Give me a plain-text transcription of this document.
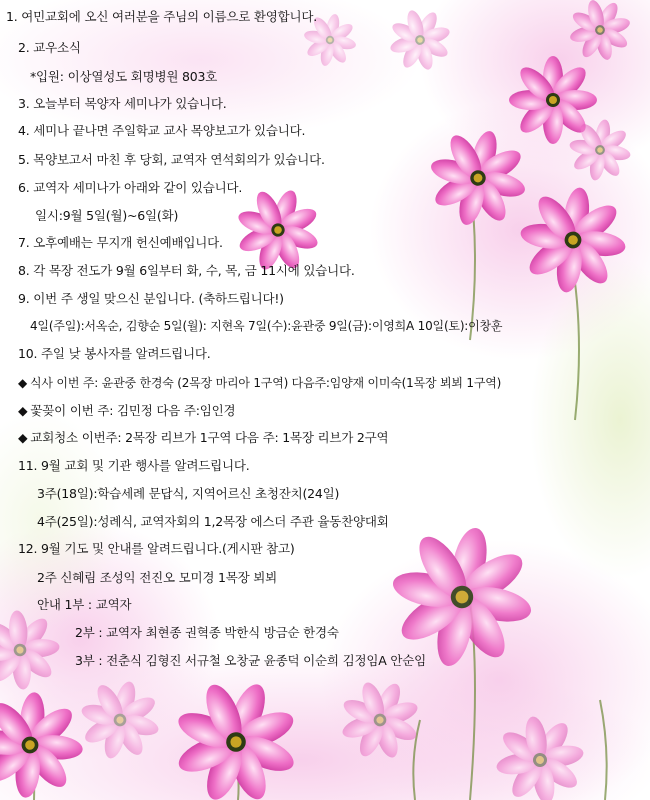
1. 여민교회에 오신 여러분을 주님의 이름으로 환영합니다.
2. 교우소식
*입원: 이상열성도 회명병원 803호
3. 오늘부터 목양자 세미나가 있습니다.
4. 세미나 끝나면 주일학교 교사 목양보고가 있습니다.
5. 목양보고서 마친 후 당회, 교역자 연석회의가 있습니다.
6. 교역자 세미나가 아래와 같이 있습니다.
일시:9월 5일(월)~6일(화)
7. 오후예배는 무지개 헌신예배입니다.
8. 각 목장 전도가 9월 6일부터 화, 수, 목, 금 11시에 있습니다.
9. 이번 주 생일 맞으신 분입니다. (축하드립니다!)
4일(주일):서옥순, 김향순 5일(월): 지현옥 7일(수):윤관중 9일(금):이영희A 10일(토):이창훈
10. 주일 낮 봉사자를 알려드립니다.
◆ 식사 이번 주: 윤관중 한경숙 (2목장 마리아 1구역) 다음주:임양재 이미숙(1목장 뵈뵈 1구역)
◆ 꽃꽂이 이번 주: 김민정 다음 주:임인경
◆ 교회청소 이번주: 2목장 리브가 1구역 다음 주: 1목장 리브가 2구역
11. 9월 교회 및 기관 행사를 알려드립니다.
3주(18일):학습세례 문답식, 지역어르신 초청잔치(24일)
4주(25일):성례식, 교역자회의 1,2목장 에스더 주관 율동찬양대회
12. 9월 기도 및 안내를 알려드립니다.(게시판 참고)
2주 신혜림 조성익 전진오 모미경 1목장 뵈뵈
안내 1부 : 교역자
2부 : 교역자 최현종 권혁종 박한식 방금순 한경숙
3부 : 전춘식 김형진 서규철 오창균 윤종덕 이순희 김정임A 안순임
